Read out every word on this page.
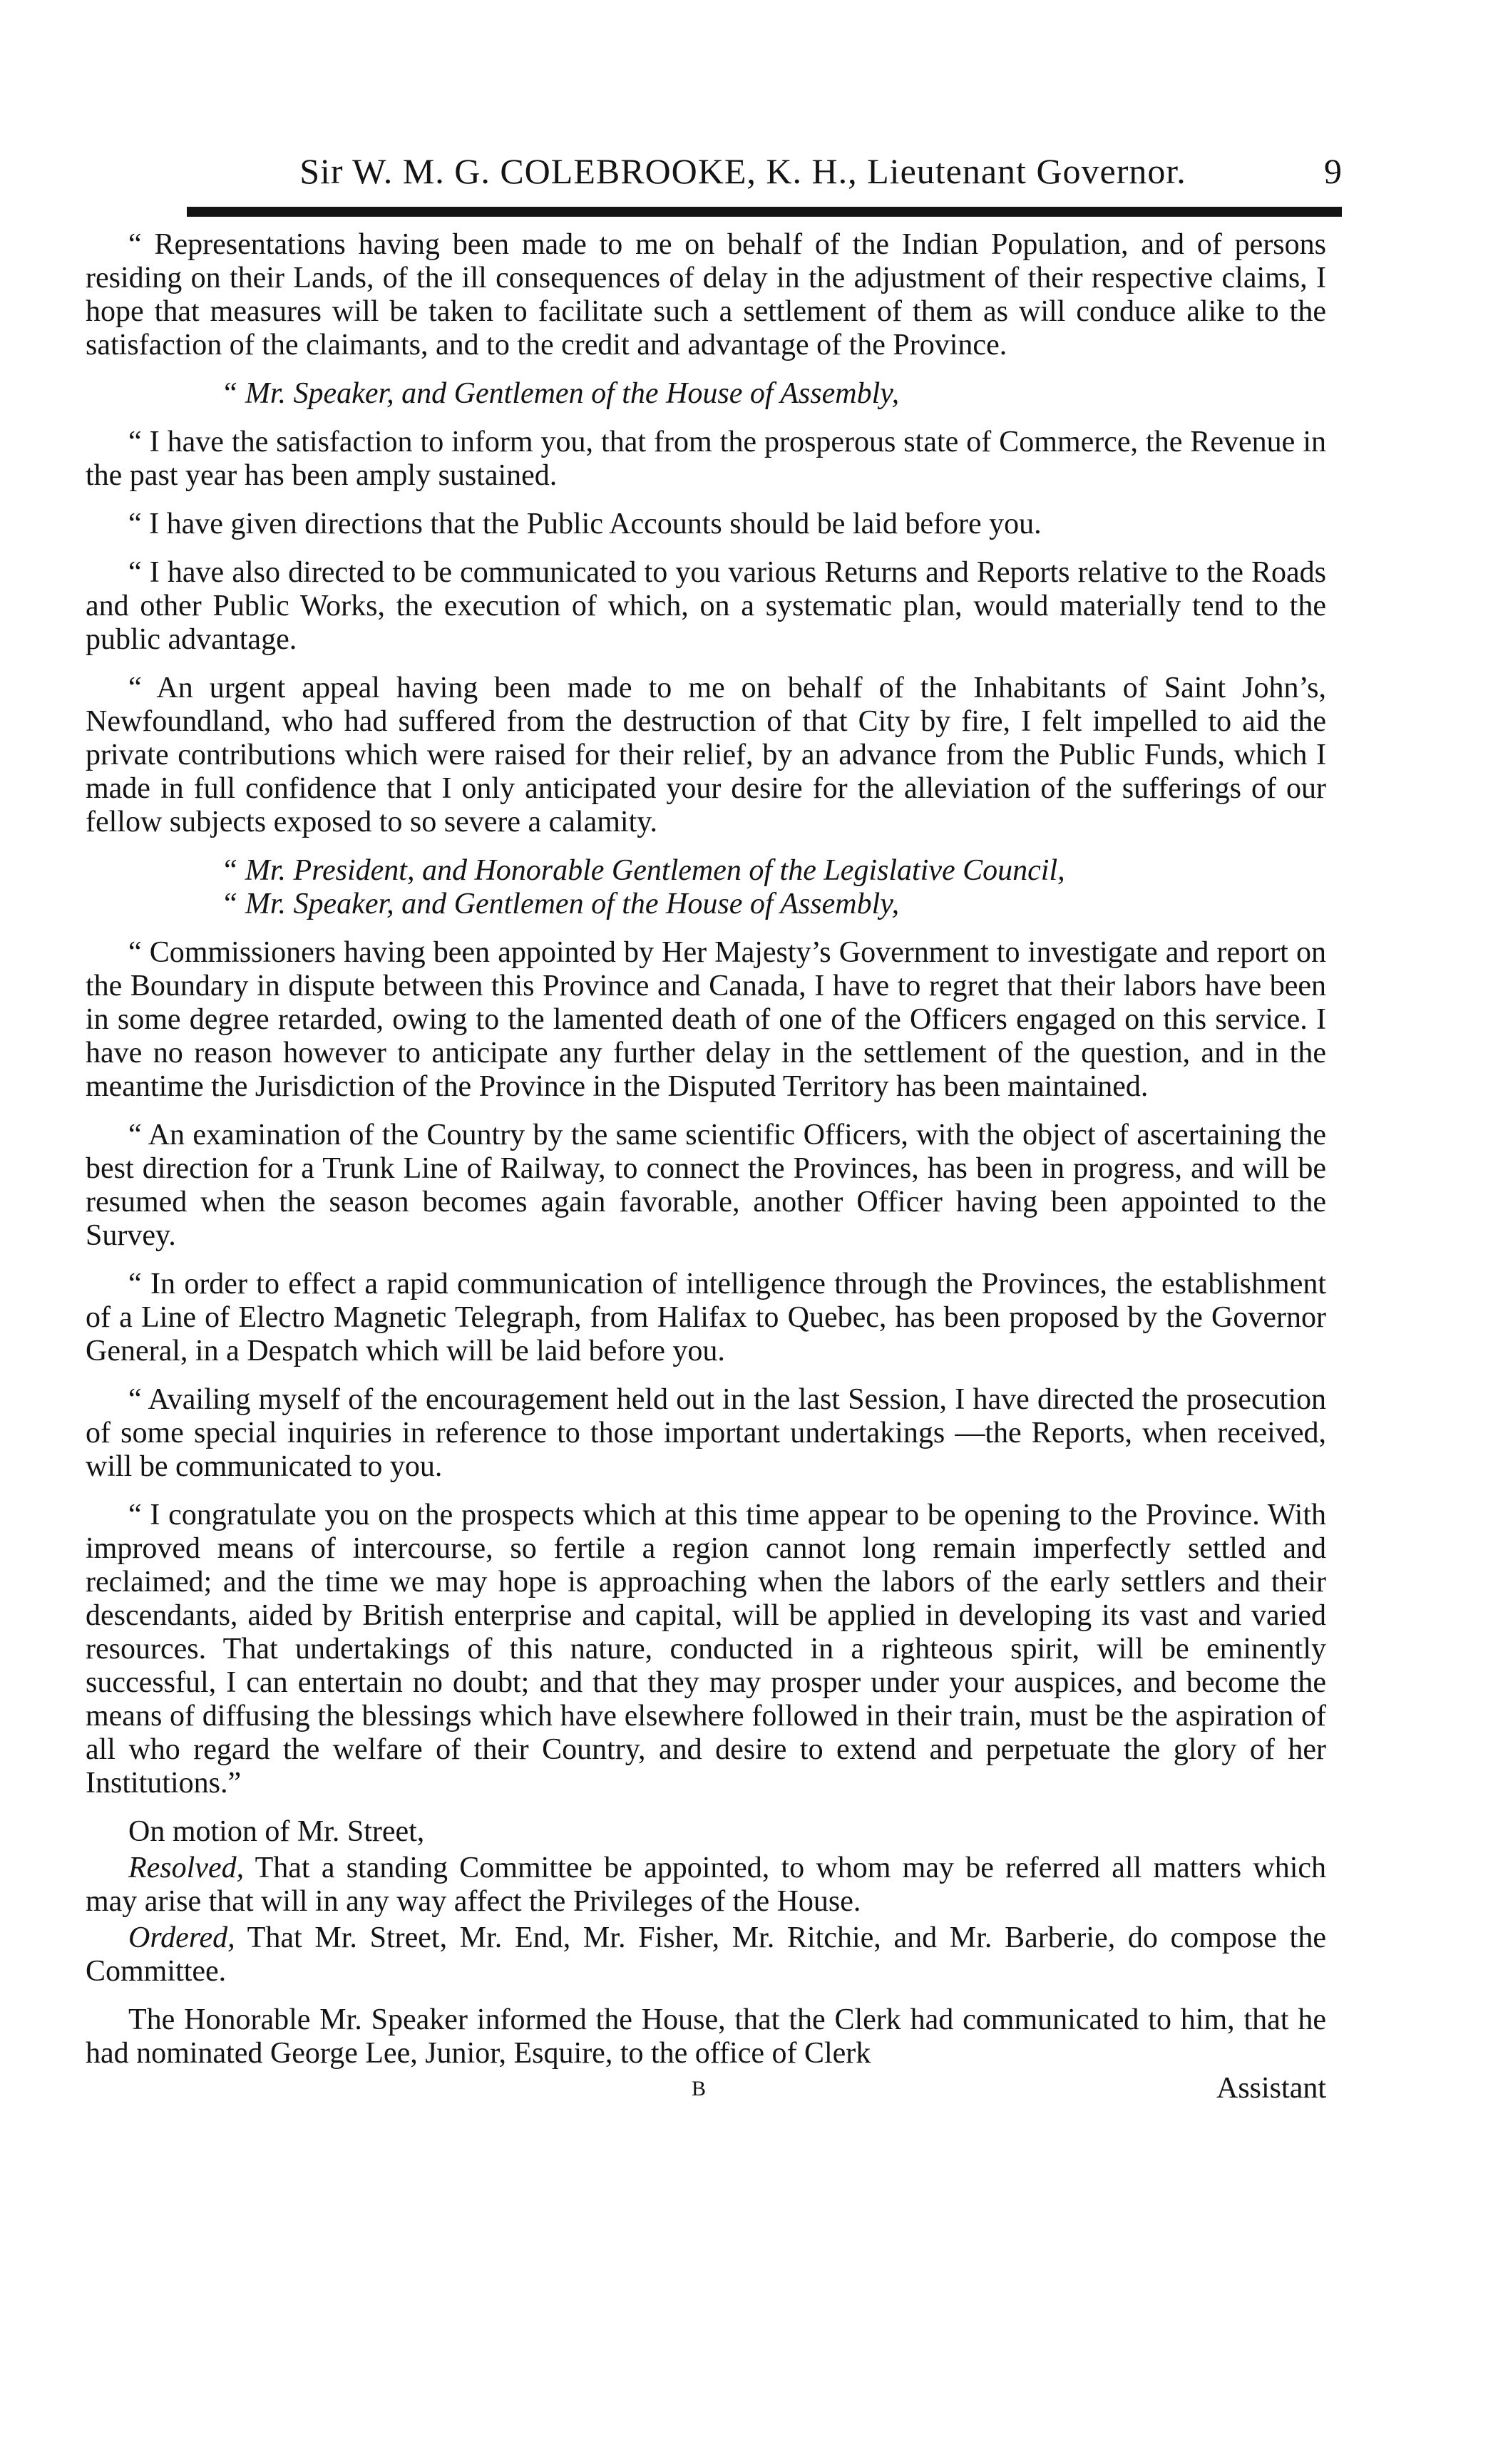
Sir W. M. G. COLEBROOKE, K. H., Lieutenant Governor.	9

“ Representations having been made to me on behalf of the Indian Population, and of persons residing on their Lands, of the ill consequences of delay in the adjustment of their respective claims, I hope that measures will be taken to facilitate such a settlement of them as will conduce alike to the satisfaction of the claimants, and to the credit and advantage of the Province.

“ Mr. Speaker, and Gentlemen of the House of Assembly,

“ I have the satisfaction to inform you, that from the prosperous state of Commerce, the Revenue in the past year has been amply sustained.

“ I have given directions that the Public Accounts should be laid before you.

“ I have also directed to be communicated to you various Returns and Reports relative to the Roads and other Public Works, the execution of which, on a systematic plan, would materially tend to the public advantage.

“ An urgent appeal having been made to me on behalf of the Inhabitants of Saint John’s, Newfoundland, who had suffered from the destruction of that City by fire, I felt impelled to aid the private contributions which were raised for their relief, by an advance from the Public Funds, which I made in full confidence that I only anticipated your desire for the alleviation of the sufferings of our fellow subjects exposed to so severe a calamity.

“ Mr. President, and Honorable Gentlemen of the Legislative Council,

“ Mr. Speaker, and Gentlemen of the House of Assembly,

“ Commissioners having been appointed by Her Majesty’s Government to investigate and report on the Boundary in dispute between this Province and Canada, I have to regret that their labors have been in some degree retarded, owing to the lamented death of one of the Officers engaged on this service. I have no reason however to anticipate any further delay in the settlement of the question, and in the meantime the Jurisdiction of the Province in the Disputed Territory has been maintained.

“ An examination of the Country by the same scientific Officers, with the object of ascertaining the best direction for a Trunk Line of Railway, to connect the Provinces, has been in progress, and will be resumed when the season becomes again favorable, another Officer having been appointed to the Survey.

“ In order to effect a rapid communication of intelligence through the Provinces, the establishment of a Line of Electro Magnetic Telegraph, from Halifax to Quebec, has been proposed by the Governor General, in a Despatch which will be laid before you.

“ Availing myself of the encouragement held out in the last Session, I have directed the prosecution of some special inquiries in reference to those important undertakings —the Reports, when received, will be communicated to you.

“ I congratulate you on the prospects which at this time appear to be opening to the Province. With improved means of intercourse, so fertile a region cannot long remain imperfectly settled and reclaimed; and the time we may hope is approaching when the labors of the early settlers and their descendants, aided by British enterprise and capital, will be applied in developing its vast and varied resources. That undertakings of this nature, conducted in a righteous spirit, will be eminently successful, I can entertain no doubt; and that they may prosper under your auspices, and become the means of diffusing the blessings which have elsewhere followed in their train, must be the aspiration of all who regard the welfare of their Country, and desire to extend and perpetuate the glory of her Institutions.”

On motion of Mr. Street,

Resolved, That a standing Committee be appointed, to whom may be referred all matters which may arise that will in any way affect the Privileges of the House.

Ordered, That Mr. Street, Mr. End, Mr. Fisher, Mr. Ritchie, and Mr. Barberie, do compose the Committee.

The Honorable Mr. Speaker informed the House, that the Clerk had communicated to him, that he had nominated George Lee, Junior, Esquire, to the office of Clerk

B	Assistant
